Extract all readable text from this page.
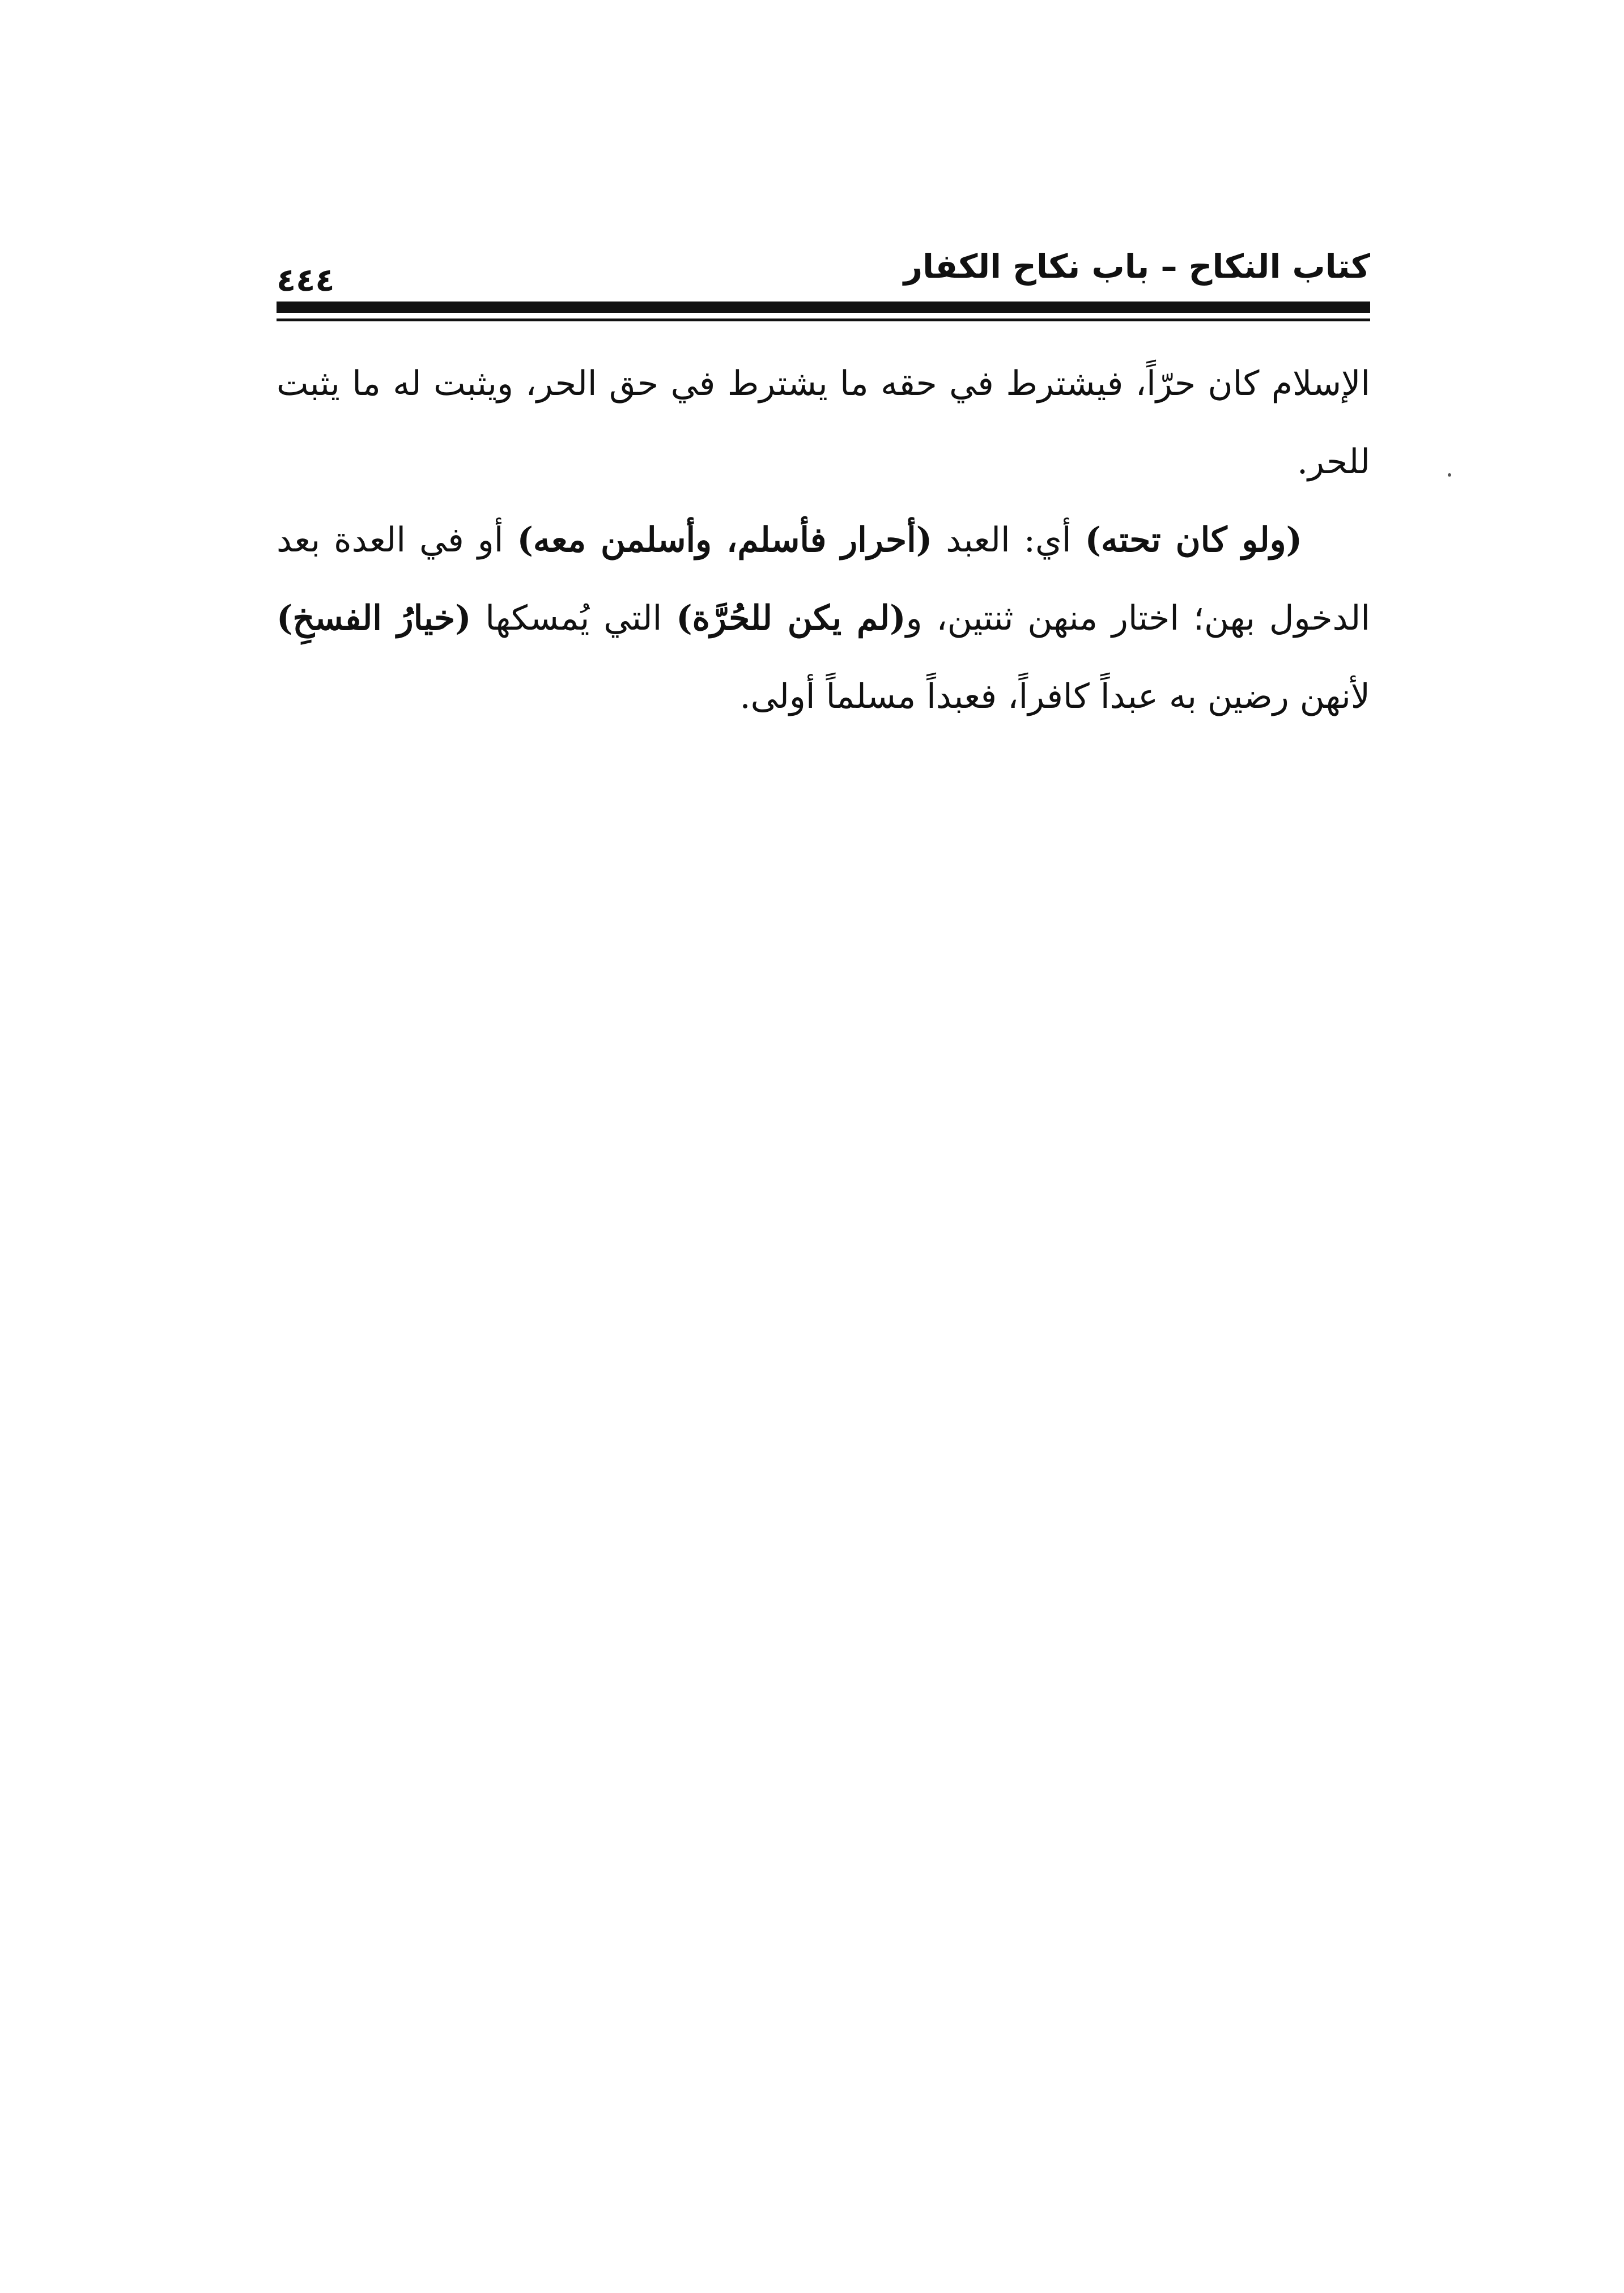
كتاب النكاح – باب نكاح الكفار
٤٤٤

الإسلام كان حرّاً، فيشترط في حقه ما يشترط في حق الحر، ويثبت له ما يثبت للحر.

(ولو كان تحته) أي: العبد (أحرار فأسلم، وأسلمن معه) أو في العدة بعد الدخول بهن؛ اختار منهن ثنتين، و(لم يكن للحُرَّة) التي يُمسكها (خيارُ الفسخِ) لأنهن رضين به عبداً كافراً، فعبداً مسلماً أولى.
